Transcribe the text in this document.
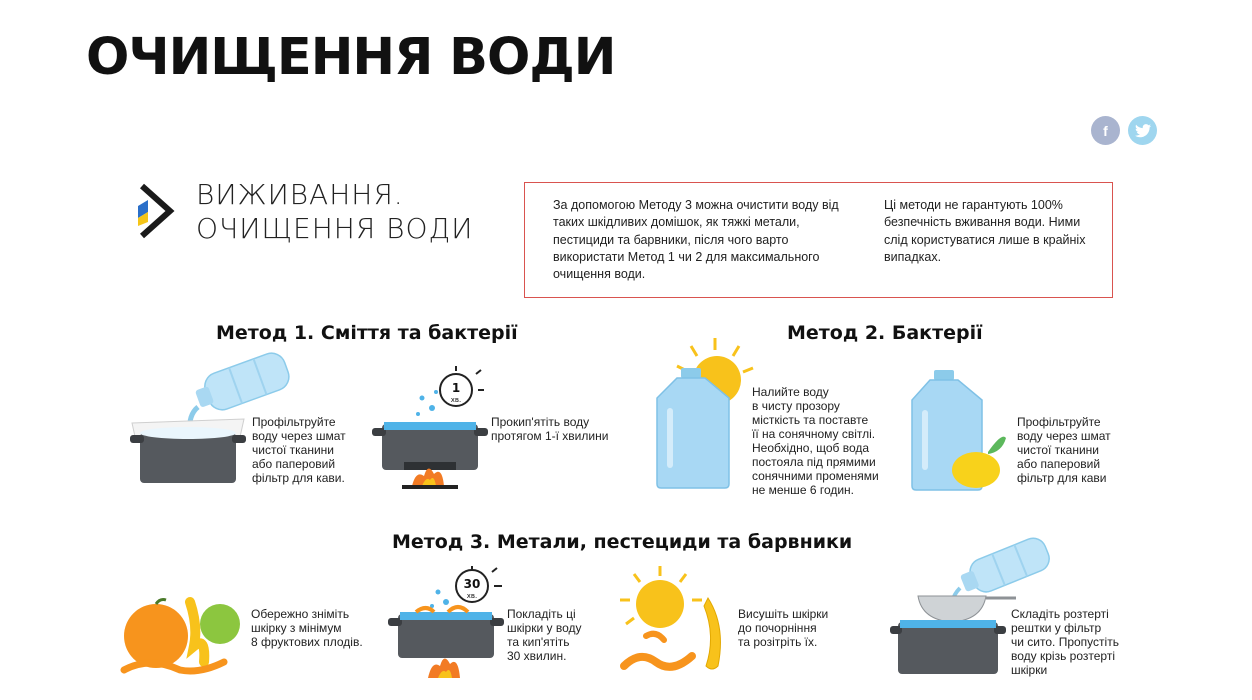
ОЧИЩЕННЯ ВОДИ
f
ВИЖИВАННЯ.
ОЧИЩЕННЯ ВОДИ
За допомогою Методу 3 можна очистити воду від таких шкідливих домішок, як тяжкі метали, пестициди та барвники, після чого варто використати Метод 1 чи 2 для максимального очищення води.
Ці методи не гарантують 100% безпечність вживання води. Ними слід користуватися лише в крайніх випадках.
Метод 1. Сміття та бактерії
Профільтруйте
воду через шмат
чистої тканини
або паперовий
фільтр для кави.
1
хв.
Прокип'ятіть воду
протягом 1-ї хвилини
Метод 2. Бактерії
Налийте воду
в чисту прозору
місткість та поставте
її на сонячному світлі.
Необхідно, щоб вода
постояла під прямими
сонячними променями
не менше 6 годин.
Профільтруйте
воду через шмат
чистої тканини
або паперовий
фільтр для кави
Метод 3. Метали, пестециди та барвники
Обережно зніміть
шкірку з мінімум
8 фруктових плодів.
30
хв.
Покладіть ці
шкірки у воду
та кип'ятіть
30 хвилин.
Висушіть шкірки
до почорніння
та розітріть їх.
Складіть розтерті
рештки у фільтр
чи сито. Пропустіть
воду крізь розтерті
шкірки
